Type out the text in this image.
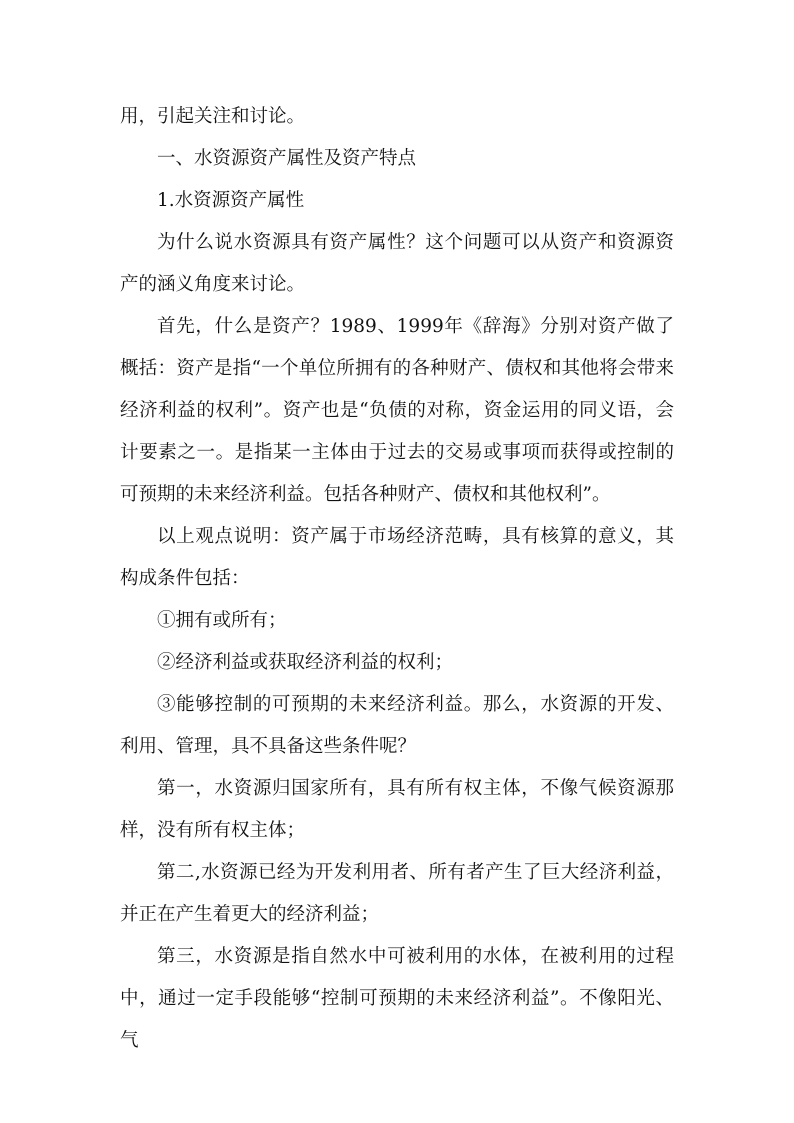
用，引起关注和讨论。

一、水资源资产属性及资产特点

1.水资源资产属性

为什么说水资源具有资产属性？这个问题可以从资产和资源资产的涵义角度来讨论。

首先，什么是资产？1989、1999年《辞海》分别对资产做了概括：资产是指“一个单位所拥有的各种财产、债权和其他将会带来经济利益的权利”。资产也是“负债的对称，资金运用的同义语，会计要素之一。是指某一主体由于过去的交易或事项而获得或控制的可预期的未来经济利益。包括各种财产、债权和其他权利”。

以上观点说明：资产属于市场经济范畴，具有核算的意义，其构成条件包括：

①拥有或所有；

②经济利益或获取经济利益的权利；

③能够控制的可预期的未来经济利益。那么，水资源的开发、利用、管理，具不具备这些条件呢？

第一，水资源归国家所有，具有所有权主体，不像气候资源那样，没有所有权主体；

第二,水资源已经为开发利用者、所有者产生了巨大经济利益，并正在产生着更大的经济利益；

第三，水资源是指自然水中可被利用的水体，在被利用的过程中，通过一定手段能够“控制可预期的未来经济利益”。不像阳光、气
